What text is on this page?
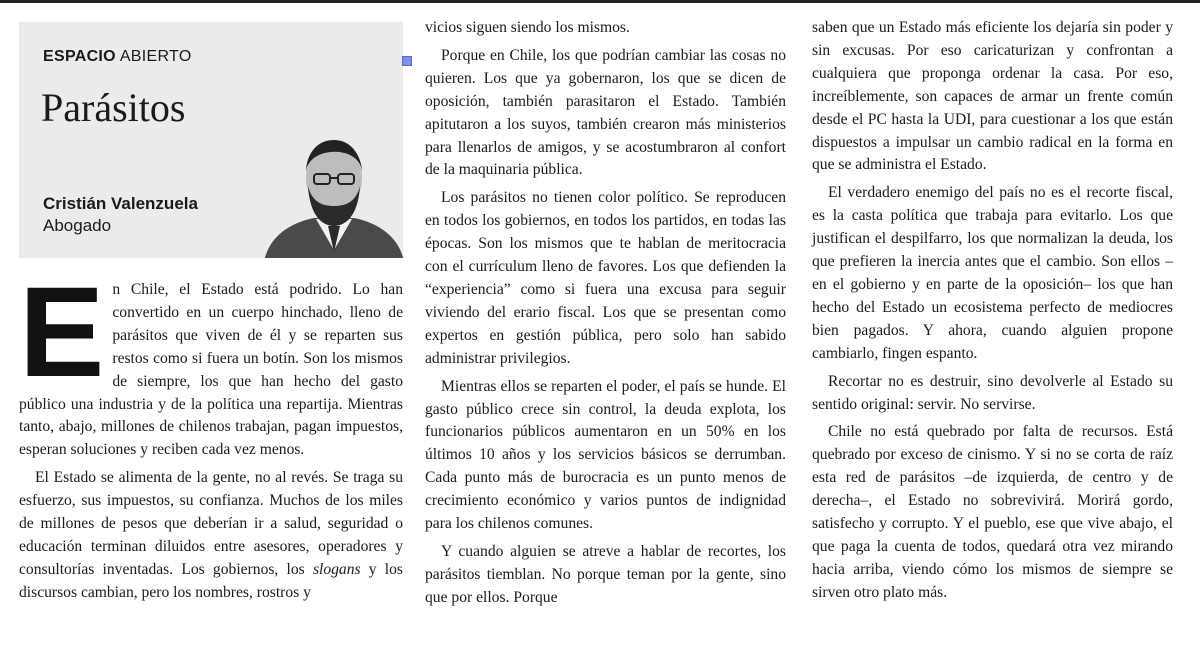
ESPACIO ABIERTO
Parásitos
Cristián Valenzuela
Abogado

En Chile, el Estado está podrido. Lo han convertido en un cuerpo hinchado, lleno de parásitos que viven de él y se reparten sus restos como si fuera un botín. Son los mismos de siempre, los que han hecho del gasto público una industria y de la política una repartija. Mientras tanto, abajo, millones de chilenos trabajan, pagan impuestos, esperan soluciones y reciben cada vez menos.

El Estado se alimenta de la gente, no al revés. Se traga su esfuerzo, sus impuestos, su confianza. Muchos de los miles de millones de pesos que deberían ir a salud, seguridad o educación terminan diluidos entre asesores, operadores y consultorías inventadas. Los gobiernos, los slogans y los discursos cambian, pero los nombres, rostros y

vicios siguen siendo los mismos.

Porque en Chile, los que podrían cambiar las cosas no quieren. Los que ya gobernaron, los que se dicen de oposición, también parasitaron el Estado. También apitutaron a los suyos, también crearon más ministerios para llenarlos de amigos, y se acostumbraron al confort de la maquinaria pública.

Los parásitos no tienen color político. Se reproducen en todos los gobiernos, en todos los partidos, en todas las épocas. Son los mismos que te hablan de meritocracia con el currículum lleno de favores. Los que defienden la “experiencia” como si fuera una excusa para seguir viviendo del erario fiscal. Los que se presentan como expertos en gestión pública, pero solo han sabido administrar privilegios.

Mientras ellos se reparten el poder, el país se hunde. El gasto público crece sin control, la deuda explota, los funcionarios públicos aumentaron en un 50% en los últimos 10 años y los servicios básicos se derrumban. Cada punto más de burocracia es un punto menos de crecimiento económico y varios puntos de indignidad para los chilenos comunes.

Y cuando alguien se atreve a hablar de recortes, los parásitos tiemblan. No porque teman por la gente, sino que por ellos. Porque

saben que un Estado más eficiente los dejaría sin poder y sin excusas. Por eso caricaturizan y confrontan a cualquiera que proponga ordenar la casa. Por eso, increíblemente, son capaces de armar un frente común desde el PC hasta la UDI, para cuestionar a los que están dispuestos a impulsar un cambio radical en la forma en que se administra el Estado.

El verdadero enemigo del país no es el recorte fiscal, es la casta política que trabaja para evitarlo. Los que justifican el despilfarro, los que normalizan la deuda, los que prefieren la inercia antes que el cambio. Son ellos –en el gobierno y en parte de la oposición– los que han hecho del Estado un ecosistema perfecto de mediocres bien pagados. Y ahora, cuando alguien propone cambiarlo, fingen espanto.

Recortar no es destruir, sino devolverle al Estado su sentido original: servir. No servirse.

Chile no está quebrado por falta de recursos. Está quebrado por exceso de cinismo. Y si no se corta de raíz esta red de parásitos –de izquierda, de centro y de derecha–, el Estado no sobrevivirá. Morirá gordo, satisfecho y corrupto. Y el pueblo, ese que vive abajo, el que paga la cuenta de todos, quedará otra vez mirando hacia arriba, viendo cómo los mismos de siempre se sirven otro plato más.
